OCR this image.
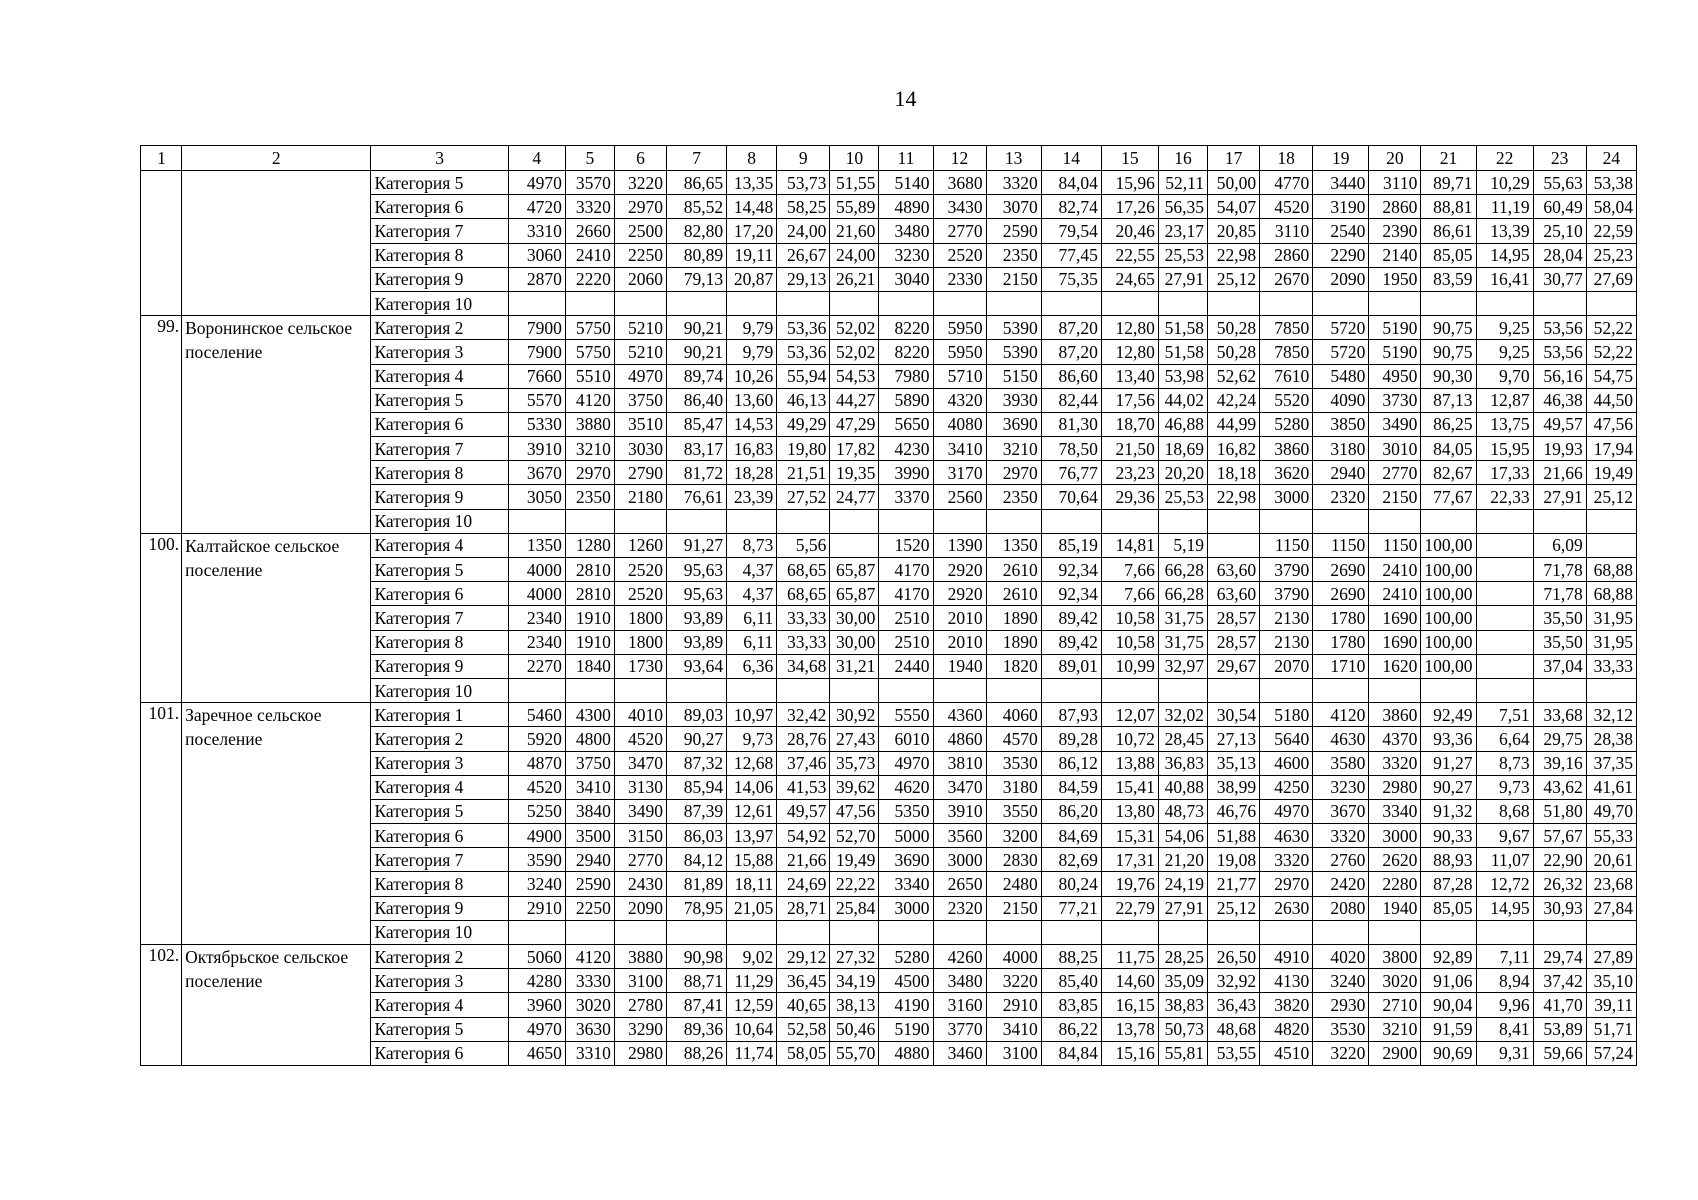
14
1	2	3	4	5	6	7	8	9	10	11	12	13	14	15	16	17	18	19	20	21	22	23	24
		Категория 5	4970	3570	3220	86,65	13,35	53,73	51,55	5140	3680	3320	84,04	15,96	52,11	50,00	4770	3440	3110	89,71	10,29	55,63	53,38
		Категория 6	4720	3320	2970	85,52	14,48	58,25	55,89	4890	3430	3070	82,74	17,26	56,35	54,07	4520	3190	2860	88,81	11,19	60,49	58,04
		Категория 7	3310	2660	2500	82,80	17,20	24,00	21,60	3480	2770	2590	79,54	20,46	23,17	20,85	3110	2540	2390	86,61	13,39	25,10	22,59
		Категория 8	3060	2410	2250	80,89	19,11	26,67	24,00	3230	2520	2350	77,45	22,55	25,53	22,98	2860	2290	2140	85,05	14,95	28,04	25,23
		Категория 9	2870	2220	2060	79,13	20,87	29,13	26,21	3040	2330	2150	75,35	24,65	27,91	25,12	2670	2090	1950	83,59	16,41	30,77	27,69
		Категория 10																					
99.	Воронинское сельское поселение	Категория 2	7900	5750	5210	90,21	9,79	53,36	52,02	8220	5950	5390	87,20	12,80	51,58	50,28	7850	5720	5190	90,75	9,25	53,56	52,22
		Категория 3	7900	5750	5210	90,21	9,79	53,36	52,02	8220	5950	5390	87,20	12,80	51,58	50,28	7850	5720	5190	90,75	9,25	53,56	52,22
		Категория 4	7660	5510	4970	89,74	10,26	55,94	54,53	7980	5710	5150	86,60	13,40	53,98	52,62	7610	5480	4950	90,30	9,70	56,16	54,75
		Категория 5	5570	4120	3750	86,40	13,60	46,13	44,27	5890	4320	3930	82,44	17,56	44,02	42,24	5520	4090	3730	87,13	12,87	46,38	44,50
		Категория 6	5330	3880	3510	85,47	14,53	49,29	47,29	5650	4080	3690	81,30	18,70	46,88	44,99	5280	3850	3490	86,25	13,75	49,57	47,56
		Категория 7	3910	3210	3030	83,17	16,83	19,80	17,82	4230	3410	3210	78,50	21,50	18,69	16,82	3860	3180	3010	84,05	15,95	19,93	17,94
		Категория 8	3670	2970	2790	81,72	18,28	21,51	19,35	3990	3170	2970	76,77	23,23	20,20	18,18	3620	2940	2770	82,67	17,33	21,66	19,49
		Категория 9	3050	2350	2180	76,61	23,39	27,52	24,77	3370	2560	2350	70,64	29,36	25,53	22,98	3000	2320	2150	77,67	22,33	27,91	25,12
		Категория 10																					
100.	Калтайское сельское поселение	Категория 4	1350	1280	1260	91,27	8,73	5,56		1520	1390	1350	85,19	14,81	5,19		1150	1150	1150	100,00		6,09	
		Категория 5	4000	2810	2520	95,63	4,37	68,65	65,87	4170	2920	2610	92,34	7,66	66,28	63,60	3790	2690	2410	100,00		71,78	68,88
		Категория 6	4000	2810	2520	95,63	4,37	68,65	65,87	4170	2920	2610	92,34	7,66	66,28	63,60	3790	2690	2410	100,00		71,78	68,88
		Категория 7	2340	1910	1800	93,89	6,11	33,33	30,00	2510	2010	1890	89,42	10,58	31,75	28,57	2130	1780	1690	100,00		35,50	31,95
		Категория 8	2340	1910	1800	93,89	6,11	33,33	30,00	2510	2010	1890	89,42	10,58	31,75	28,57	2130	1780	1690	100,00		35,50	31,95
		Категория 9	2270	1840	1730	93,64	6,36	34,68	31,21	2440	1940	1820	89,01	10,99	32,97	29,67	2070	1710	1620	100,00		37,04	33,33
		Категория 10																					
101.	Заречное сельское поселение	Категория 1	5460	4300	4010	89,03	10,97	32,42	30,92	5550	4360	4060	87,93	12,07	32,02	30,54	5180	4120	3860	92,49	7,51	33,68	32,12
		Категория 2	5920	4800	4520	90,27	9,73	28,76	27,43	6010	4860	4570	89,28	10,72	28,45	27,13	5640	4630	4370	93,36	6,64	29,75	28,38
		Категория 3	4870	3750	3470	87,32	12,68	37,46	35,73	4970	3810	3530	86,12	13,88	36,83	35,13	4600	3580	3320	91,27	8,73	39,16	37,35
		Категория 4	4520	3410	3130	85,94	14,06	41,53	39,62	4620	3470	3180	84,59	15,41	40,88	38,99	4250	3230	2980	90,27	9,73	43,62	41,61
		Категория 5	5250	3840	3490	87,39	12,61	49,57	47,56	5350	3910	3550	86,20	13,80	48,73	46,76	4970	3670	3340	91,32	8,68	51,80	49,70
		Категория 6	4900	3500	3150	86,03	13,97	54,92	52,70	5000	3560	3200	84,69	15,31	54,06	51,88	4630	3320	3000	90,33	9,67	57,67	55,33
		Категория 7	3590	2940	2770	84,12	15,88	21,66	19,49	3690	3000	2830	82,69	17,31	21,20	19,08	3320	2760	2620	88,93	11,07	22,90	20,61
		Категория 8	3240	2590	2430	81,89	18,11	24,69	22,22	3340	2650	2480	80,24	19,76	24,19	21,77	2970	2420	2280	87,28	12,72	26,32	23,68
		Категория 9	2910	2250	2090	78,95	21,05	28,71	25,84	3000	2320	2150	77,21	22,79	27,91	25,12	2630	2080	1940	85,05	14,95	30,93	27,84
		Категория 10																					
102.	Октябрьское сельское поселение	Категория 2	5060	4120	3880	90,98	9,02	29,12	27,32	5280	4260	4000	88,25	11,75	28,25	26,50	4910	4020	3800	92,89	7,11	29,74	27,89
		Категория 3	4280	3330	3100	88,71	11,29	36,45	34,19	4500	3480	3220	85,40	14,60	35,09	32,92	4130	3240	3020	91,06	8,94	37,42	35,10
		Категория 4	3960	3020	2780	87,41	12,59	40,65	38,13	4190	3160	2910	83,85	16,15	38,83	36,43	3820	2930	2710	90,04	9,96	41,70	39,11
		Категория 5	4970	3630	3290	89,36	10,64	52,58	50,46	5190	3770	3410	86,22	13,78	50,73	48,68	4820	3530	3210	91,59	8,41	53,89	51,71
		Категория 6	4650	3310	2980	88,26	11,74	58,05	55,70	4880	3460	3100	84,84	15,16	55,81	53,55	4510	3220	2900	90,69	9,31	59,66	57,24
